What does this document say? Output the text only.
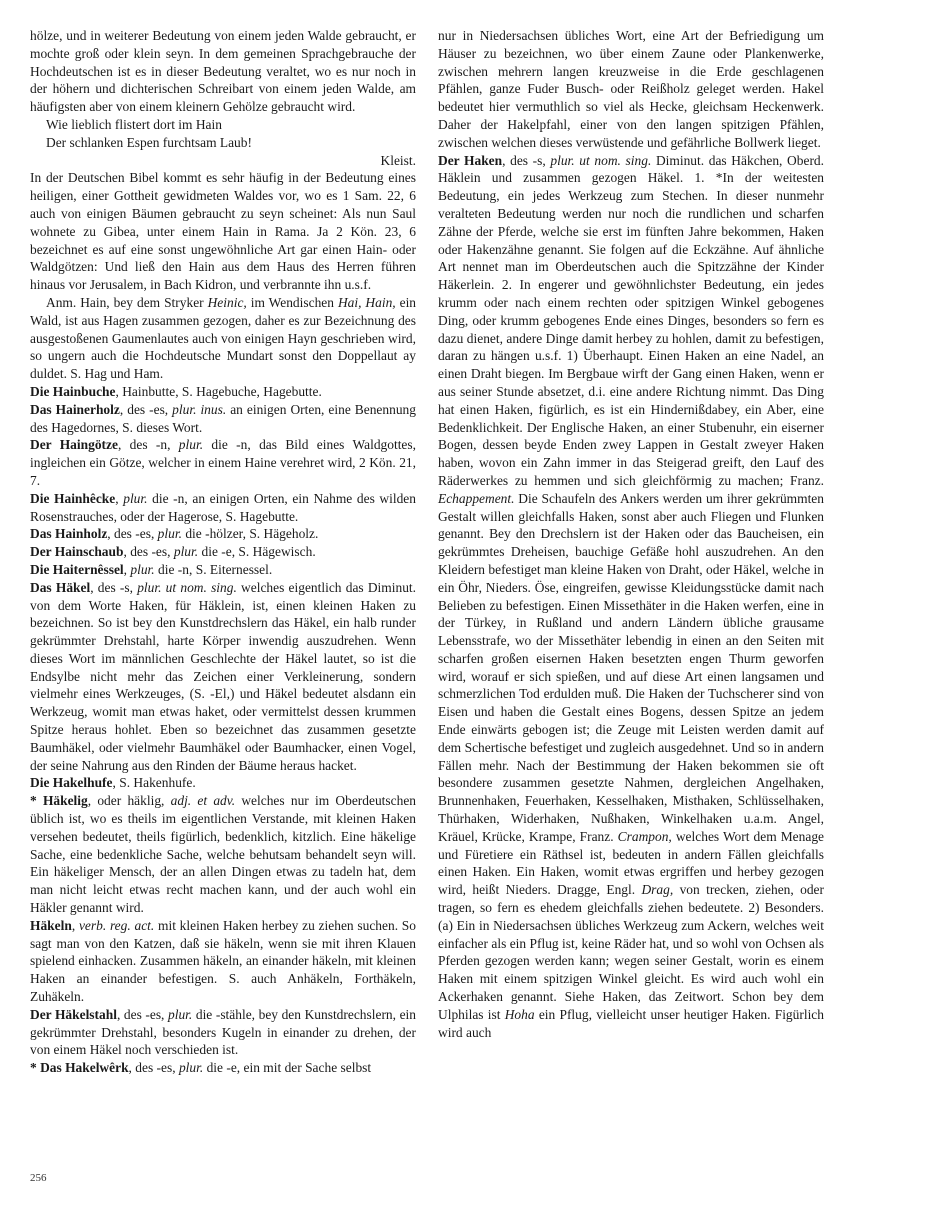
hölze, und in weiterer Bedeutung von einem jeden Walde gebraucht, er mochte groß oder klein seyn. In dem gemeinen Sprachgebrauche der Hochdeutschen ist es in dieser Bedeutung veraltet, wo es nur noch in der höhern und dichterischen Schreibart von einem jeden Walde, am häufigsten aber von einem kleinern Gehölze gebraucht wird.

Wie lieblich flistert dort im Hain

Der schlanken Espen furchtsam Laub!

Kleist.

In der Deutschen Bibel kommt es sehr häufig in der Bedeutung eines heiligen, einer Gottheit gewidmeten Waldes vor, wo es 1 Sam. 22, 6 auch von einigen Bäumen gebraucht zu seyn scheinet: Als nun Saul wohnete zu Gibea, unter einem Hain in Rama. Ja 2 Kön. 23, 6 bezeichnet es auf eine sonst ungewöhnliche Art gar einen Hain- oder Waldgötzen: Und ließ den Hain aus dem Haus des Herren führen hinaus vor Jerusalem, in Bach Kidron, und verbrannte ihn u.s.f.

Anm. Hain, bey dem Stryker Heinic, im Wendischen Hai, Hain, ein Wald, ist aus Hagen zusammen gezogen, daher es zur Bezeichnung des ausgestoßenen Gaumenlautes auch von einigen Hayn geschrieben wird, so ungern auch die Hochdeutsche Mundart sonst den Doppellaut ay duldet. S. Hag und Ham.

Die Hainbuche, Hainbutte, S. Hagebuche, Hagebutte.

Das Hainerholz, des -es, plur. inus. an einigen Orten, eine Benennung des Hagedornes, S. dieses Wort.

Der Haingötze, des -n, plur. die -n, das Bild eines Waldgottes, ingleichen ein Götze, welcher in einem Haine verehret wird, 2 Kön. 21, 7.

Die Hainhêcke, plur. die -n, an einigen Orten, ein Nahme des wilden Rosenstrauches, oder der Hagerose, S. Hagebutte.

Das Hainholz, des -es, plur. die -hölzer, S. Hägeholz.

Der Hainschaub, des -es, plur. die -e, S. Hägewisch.

Die Haiternêssel, plur. die -n, S. Eiternessel.

Das Häkel, des -s, plur. ut nom. sing. welches eigentlich das Diminut. von dem Worte Haken, für Häklein, ist, einen kleinen Haken zu bezeichnen. So ist bey den Kunstdrechslern das Häkel, ein halb runder gekrümmter Drehstahl, harte Körper inwendig auszudrehen. Wenn dieses Wort im männlichen Geschlechte der Häkel lautet, so ist die Endsylbe nicht mehr das Zeichen einer Verkleinerung, sondern vielmehr eines Werkzeuges, (S. -El,) und Häkel bedeutet alsdann ein Werkzeug, womit man etwas haket, oder vermittelst dessen krummen Spitze heraus hohlet. Eben so bezeichnet das zusammen gesetzte Baumhäkel, oder vielmehr Baumhäkel oder Baumhacker, einen Vogel, der seine Nahrung aus den Rinden der Bäume heraus hacket.

Die Hakelhufe, S. Hakenhufe.

* Häkelig, oder häklig, adj. et adv. welches nur im Oberdeutschen üblich ist, wo es theils im eigentlichen Verstande, mit kleinen Haken versehen bedeutet, theils figürlich, bedenklich, kitzlich. Eine häkelige Sache, eine bedenkliche Sache, welche behutsam behandelt seyn will. Ein häkeliger Mensch, der an allen Dingen etwas zu tadeln hat, dem man nicht leicht etwas recht machen kann, und der auch wohl ein Häkler genannt wird.

Häkeln, verb. reg. act. mit kleinen Haken herbey zu ziehen suchen. So sagt man von den Katzen, daß sie häkeln, wenn sie mit ihren Klauen spielend einhacken. Zusammen häkeln, an einander häkeln, mit kleinen Haken an einander befestigen. S. auch Anhäkeln, Forthäkeln, Zuhäkeln.

Der Häkelstahl, des -es, plur. die -stähle, bey den Kunstdrechslern, ein gekrümmter Drehstahl, besonders Kugeln in einander zu drehen, der von einem Häkel noch verschieden ist.

* Das Hakelwêrk, des -es, plur. die -e, ein mit der Sache selbst

nur in Niedersachsen übliches Wort, eine Art der Befriedigung um Häuser zu bezeichnen, wo über einem Zaune oder Plankenwerke, zwischen mehrern langen kreuzweise in die Erde geschlagenen Pfählen, ganze Fuder Busch- oder Reißholz geleget werden. Hakel bedeutet hier vermuthlich so viel als Hecke, gleichsam Heckenwerk. Daher der Hakelpfahl, einer von den langen spitzigen Pfählen, zwischen welchen dieses verwüstende und gefährliche Bollwerk lieget.

Der Haken, des -s, plur. ut nom. sing. Diminut. das Häkchen, Oberd. Häklein und zusammen gezogen Häkel. 1. *In der weitesten Bedeutung, ein jedes Werkzeug zum Stechen. In dieser nunmehr veralteten Bedeutung werden nur noch die rundlichen und scharfen Zähne der Pferde, welche sie erst im fünften Jahre bekommen, Haken oder Hakenzähne genannt. Sie folgen auf die Eckzähne. Auf ähnliche Art nennet man im Oberdeutschen auch die Spitzzähne der Kinder Häkerlein. 2. In engerer und gewöhnlichster Bedeutung, ein jedes krumm oder nach einem rechten oder spitzigen Winkel gebogenes Ding, oder krumm gebogenes Ende eines Dinges, besonders so fern es dazu dienet, andere Dinge damit herbey zu hohlen, damit zu befestigen, daran zu hängen u.s.f. 1) Überhaupt. Einen Haken an eine Nadel, an einen Draht biegen. Im Bergbaue wirft der Gang einen Haken, wenn er aus seiner Stunde absetzet, d.i. eine andere Richtung nimmt. Das Ding hat einen Haken, figürlich, es ist ein Hindernißdabey, ein Aber, eine Bedenklichkeit. Der Englische Haken, an einer Stubenuhr, ein eiserner Bogen, dessen beyde Enden zwey Lappen in Gestalt zweyer Haken haben, wovon ein Zahn immer in das Steigerad greift, den Lauf des Räderwerkes zu hemmen und sich gleichförmig zu machen; Franz. Echappement. Die Schaufeln des Ankers werden um ihrer gekrümmten Gestalt willen gleichfalls Haken, sonst aber auch Fliegen und Flunken genannt. Bey den Drechslern ist der Haken oder das Baucheisen, ein gekrümmtes Dreheisen, bauchige Gefäße hohl auszudrehen. An den Kleidern befestiget man kleine Haken von Draht, oder Häkel, welche in ein Öhr, Nieders. Öse, eingreifen, gewisse Kleidungsstücke damit nach Belieben zu befestigen. Einen Missethäter in die Haken werfen, eine in der Türkey, in Rußland und andern Ländern übliche grausame Lebensstrafe, wo der Missethäter lebendig in einen an den Seiten mit scharfen großen eisernen Haken besetzten engen Thurm geworfen wird, worauf er sich spießen, und auf diese Art einen langsamen und schmerzlichen Tod erdulden muß. Die Haken der Tuchscherer sind von Eisen und haben die Gestalt eines Bogens, dessen Spitze an jedem Ende einwärts gebogen ist; die Zeuge mit Leisten werden damit auf dem Schertische befestiget und zugleich ausgedehnet. Und so in andern Fällen mehr. Nach der Bestimmung der Haken bekommen sie oft besondere zusammen gesetzte Nahmen, dergleichen Angelhaken, Brunnenhaken, Feuerhaken, Kesselhaken, Misthaken, Schlüsselhaken, Thürhaken, Widerhaken, Nußhaken, Winkelhaken u.a.m. Angel, Kräuel, Krücke, Krampe, Franz. Crampon, welches Wort dem Menage und Füretiere ein Räthsel ist, bedeuten in andern Fällen gleichfalls einen Haken. Ein Haken, womit etwas ergriffen und herbey gezogen wird, heißt Nieders. Dragge, Engl. Drag, von trecken, ziehen, oder tragen, so fern es ehedem gleichfalls ziehen bedeutete. 2) Besonders. (a) Ein in Niedersachsen übliches Werkzeug zum Ackern, welches weit einfacher als ein Pflug ist, keine Räder hat, und so wohl von Ochsen als Pferden gezogen werden kann; wegen seiner Gestalt, worin es einem Haken mit einem spitzigen Winkel gleicht. Es wird auch wohl ein Ackerhaken genannt. Siehe Haken, das Zeitwort. Schon bey dem Ulphilas ist Hoha ein Pflug, vielleicht unser heutiger Haken. Figürlich wird auch

256
